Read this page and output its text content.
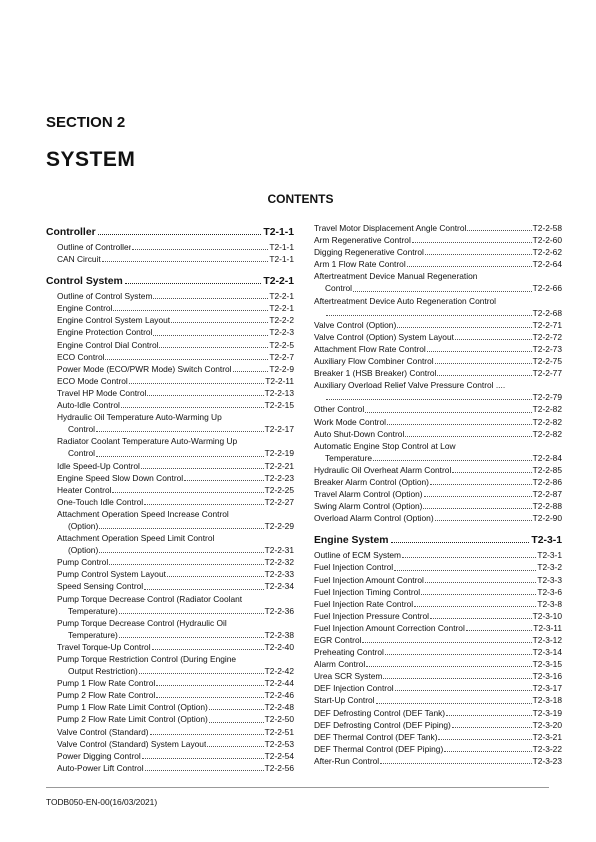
SECTION 2
SYSTEM
CONTENTS
Controller	T2-1-1
Outline of Controller	T2-1-1
CAN Circuit	T2-1-1
Control System	T2-2-1
Outline of Control System	T2-2-1
Engine Control	T2-2-1
Engine Control System Layout	T2-2-2
Engine Protection Control	T2-2-3
Engine Control Dial Control	T2-2-5
ECO Control	T2-2-7
Power Mode (ECO/PWR Mode) Switch Control	T2-2-9
ECO Mode Control	T2-2-11
Travel HP Mode Control	T2-2-13
Auto-Idle Control	T2-2-15
Hydraulic Oil Temperature Auto-Warming Up
Control	T2-2-17
Radiator Coolant Temperature Auto-Warming Up
Control	T2-2-19
Idle Speed-Up Control	T2-2-21
Engine Speed Slow Down Control	T2-2-23
Heater Control	T2-2-25
One-Touch Idle Control	T2-2-27
Attachment Operation Speed Increase Control
(Option)	T2-2-29
Attachment Operation Speed Limit Control
(Option)	T2-2-31
Pump Control	T2-2-32
Pump Control System Layout	T2-2-33
Speed Sensing Control	T2-2-34
Pump Torque Decrease Control (Radiator Coolant
Temperature)	T2-2-36
Pump Torque Decrease Control (Hydraulic Oil
Temperature)	T2-2-38
Travel Torque-Up Control	T2-2-40
Pump Torque Restriction Control (During Engine
Output Restriction)	T2-2-42
Pump 1 Flow Rate Control	T2-2-44
Pump 2 Flow Rate Control	T2-2-46
Pump 1 Flow Rate Limit Control (Option)	T2-2-48
Pump 2 Flow Rate Limit Control (Option)	T2-2-50
Valve Control (Standard)	T2-2-51
Valve Control (Standard) System Layout	T2-2-53
Power Digging Control	T2-2-54
Auto-Power Lift Control	T2-2-56
Travel Motor Displacement Angle Control	T2-2-58
Arm Regenerative Control	T2-2-60
Digging Regenerative Control	T2-2-62
Arm 1 Flow Rate Control	T2-2-64
Aftertreatment Device Manual Regeneration
Control	T2-2-66
Aftertreatment Device Auto Regeneration Control
T2-2-68
Valve Control (Option)	T2-2-71
Valve Control (Option) System Layout	T2-2-72
Attachment Flow Rate Control	T2-2-73
Auxiliary Flow Combiner Control	T2-2-75
Breaker 1 (HSB Breaker) Control	T2-2-77
Auxiliary Overload Relief Valve Pressure Control ....
T2-2-79
Other Control	T2-2-82
Work Mode Control	T2-2-82
Auto Shut-Down Control	T2-2-82
Automatic Engine Stop Control at Low
Temperature	T2-2-84
Hydraulic Oil Overheat Alarm Control	T2-2-85
Breaker Alarm Control (Option)	T2-2-86
Travel Alarm Control (Option)	T2-2-87
Swing Alarm Control (Option)	T2-2-88
Overload Alarm Control (Option)	T2-2-90
Engine System	T2-3-1
Outline of ECM System	T2-3-1
Fuel Injection Control	T2-3-2
Fuel Injection Amount Control	T2-3-3
Fuel Injection Timing Control	T2-3-6
Fuel Injection Rate Control	T2-3-8
Fuel Injection Pressure Control	T2-3-10
Fuel Injection Amount Correction Control	T2-3-11
EGR Control	T2-3-12
Preheating Control	T2-3-14
Alarm Control	T2-3-15
Urea SCR System	T2-3-16
DEF Injection Control	T2-3-17
Start-Up Control	T2-3-18
DEF Defrosting Control (DEF Tank)	T2-3-19
DEF Defrosting Control (DEF Piping)	T2-3-20
DEF Thermal Control (DEF Tank)	T2-3-21
DEF Thermal Control (DEF Piping)	T2-3-22
After-Run Control	T2-3-23
TODB050-EN-00(16/03/2021)
